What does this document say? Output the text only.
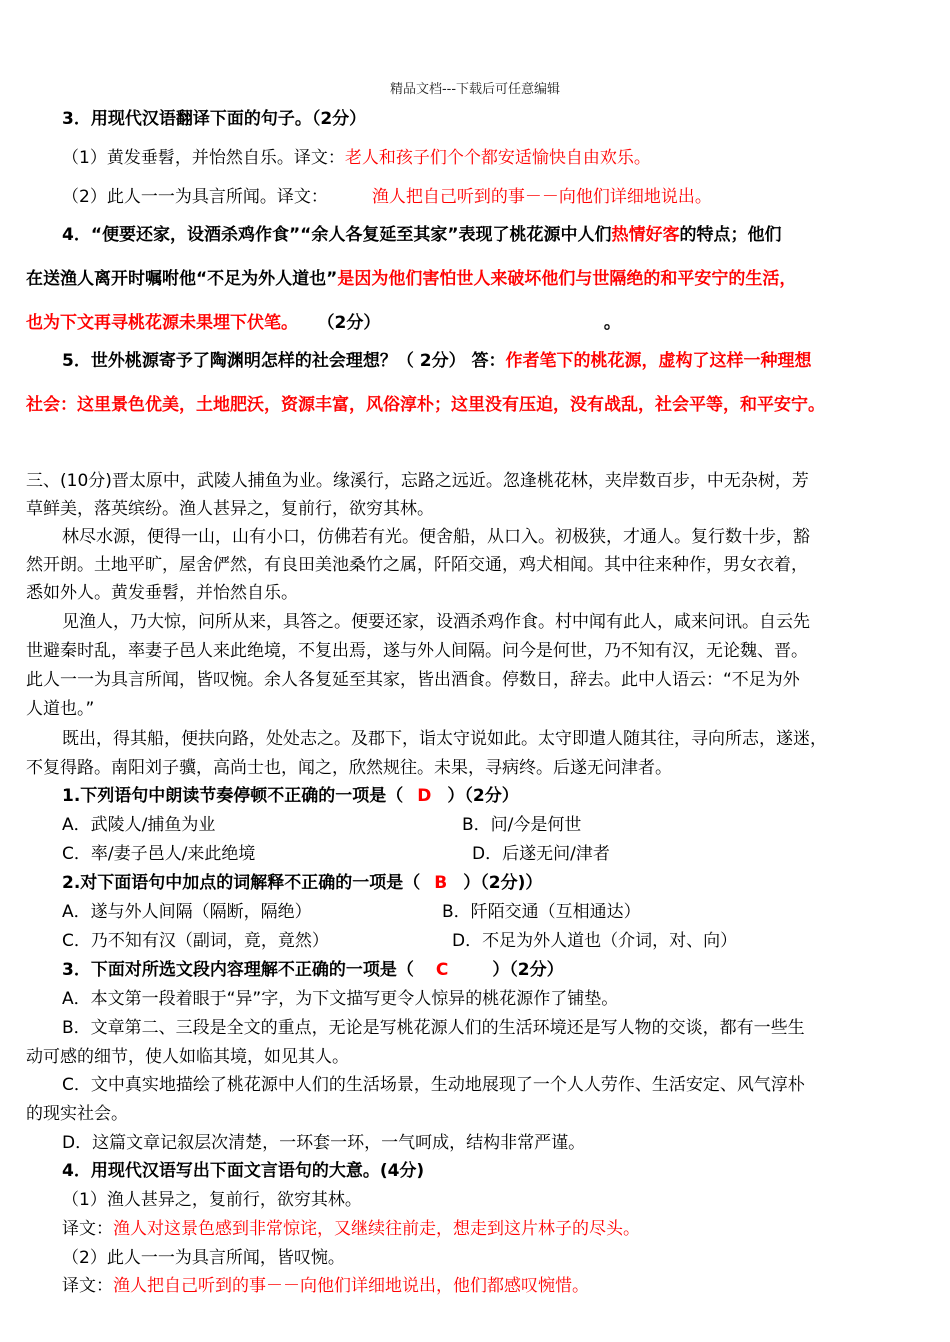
精品文档---下载后可任意编辑
3．用现代汉语翻译下面的句子。（2分）
（1）黄发垂髫，并怡然自乐。译文：老人和孩子们个个都安适愉快自由欢乐。
（2）此人一一为具言所闻。译文：	渔人把自己听到的事－－向他们详细地说出。
4．“便要还家，设酒杀鸡作食”“余人各复延至其家”表现了桃花源中人们热情好客的特点；他们
在送渔人离开时嘱咐他“不足为外人道也”是因为他们害怕世人来破坏他们与世隔绝的和平安宁的生活，
也为下文再寻桃花源未果埋下伏笔。 （2分）	。
5．世外桃源寄予了陶渊明怎样的社会理想？（ 2分） 答：作者笔下的桃花源，虚构了这样一种理想
社会：这里景色优美，土地肥沃，资源丰富，风俗淳朴；这里没有压迫，没有战乱，社会平等，和平安宁。
三、(10分)晋太原中，武陵人捕鱼为业。缘溪行，忘路之远近。忽逢桃花林，夹岸数百步，中无杂树，芳
草鲜美，落英缤纷。渔人甚异之，复前行，欲穷其林。
林尽水源，便得一山，山有小口，仿佛若有光。便舍船，从口入。初极狭，才通人。复行数十步，豁
然开朗。土地平旷，屋舍俨然，有良田美池桑竹之属，阡陌交通，鸡犬相闻。其中往来种作，男女衣着，
悉如外人。黄发垂髫，并怡然自乐。
见渔人，乃大惊，问所从来，具答之。便要还家，设酒杀鸡作食。村中闻有此人，咸来问讯。自云先
世避秦时乱，率妻子邑人来此绝境，不复出焉，遂与外人间隔。问今是何世，乃不知有汉，无论魏、晋。
此人一一为具言所闻，皆叹惋。余人各复延至其家，皆出酒食。停数日，辞去。此中人语云：“不足为外
人道也。”
既出，得其船，便扶向路，处处志之。及郡下，诣太守说如此。太守即遣人随其往，寻向所志，遂迷，
不复得路。南阳刘子骥，高尚士也，闻之，欣然规往。未果，寻病终。后遂无问津者。
1.下列语句中朗读节奏停顿不正确的一项是（ D ）（2分）
A．武陵人/捕鱼为业	B．问/今是何世
C．率/妻子邑人/来此绝境	D．后遂无问/津者
2.对下面语句中加点的词解释不正确的一项是（ B ）（2分)）
A．遂与外人间隔（隔断，隔绝）	B．阡陌交通（互相通达）
C．乃不知有汉（副词，竟，竟然）	D．不足为外人道也（介词，对、向）
3．下面对所选文段内容理解不正确的一项是（ C	）（2分）
A．本文第一段着眼于“异”字，为下文描写更令人惊异的桃花源作了铺垫。
B．文章第二、三段是全文的重点，无论是写桃花源人们的生活环境还是写人物的交谈，都有一些生
动可感的细节，使人如临其境，如见其人。
C．文中真实地描绘了桃花源中人们的生活场景，生动地展现了一个人人劳作、生活安定、风气淳朴
的现实社会。
D．这篇文章记叙层次清楚，一环套一环，一气呵成，结构非常严谨。
4．用现代汉语写出下面文言语句的大意。(4分)
（1）渔人甚异之，复前行，欲穷其林。
译文：渔人对这景色感到非常惊诧，又继续往前走，想走到这片林子的尽头。
（2）此人一一为具言所闻，皆叹惋。
译文：渔人把自己听到的事－－向他们详细地说出，他们都感叹惋惜。
